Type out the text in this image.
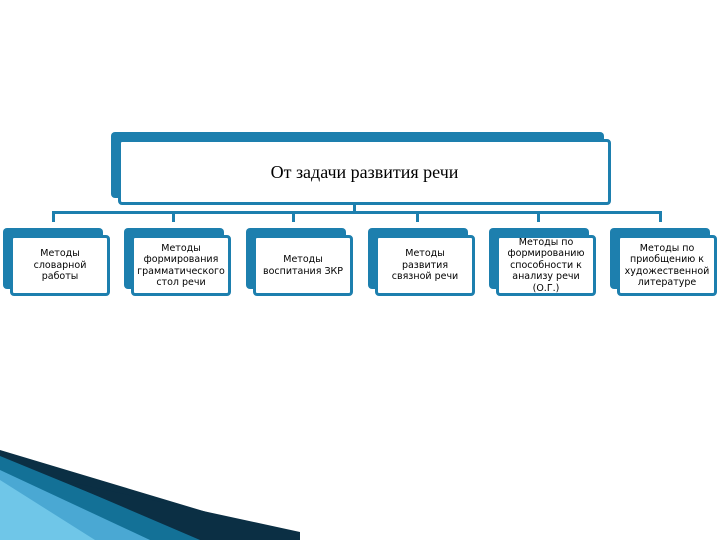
От задачи развития речи
Методы словарной работы
Методы формирования грамматического стол речи
Методы воспитания ЗКР
Методы развития связной речи
Методы по формированию способности к анализу речи (О.Г.)
Методы по приобщению к художественной литературе
